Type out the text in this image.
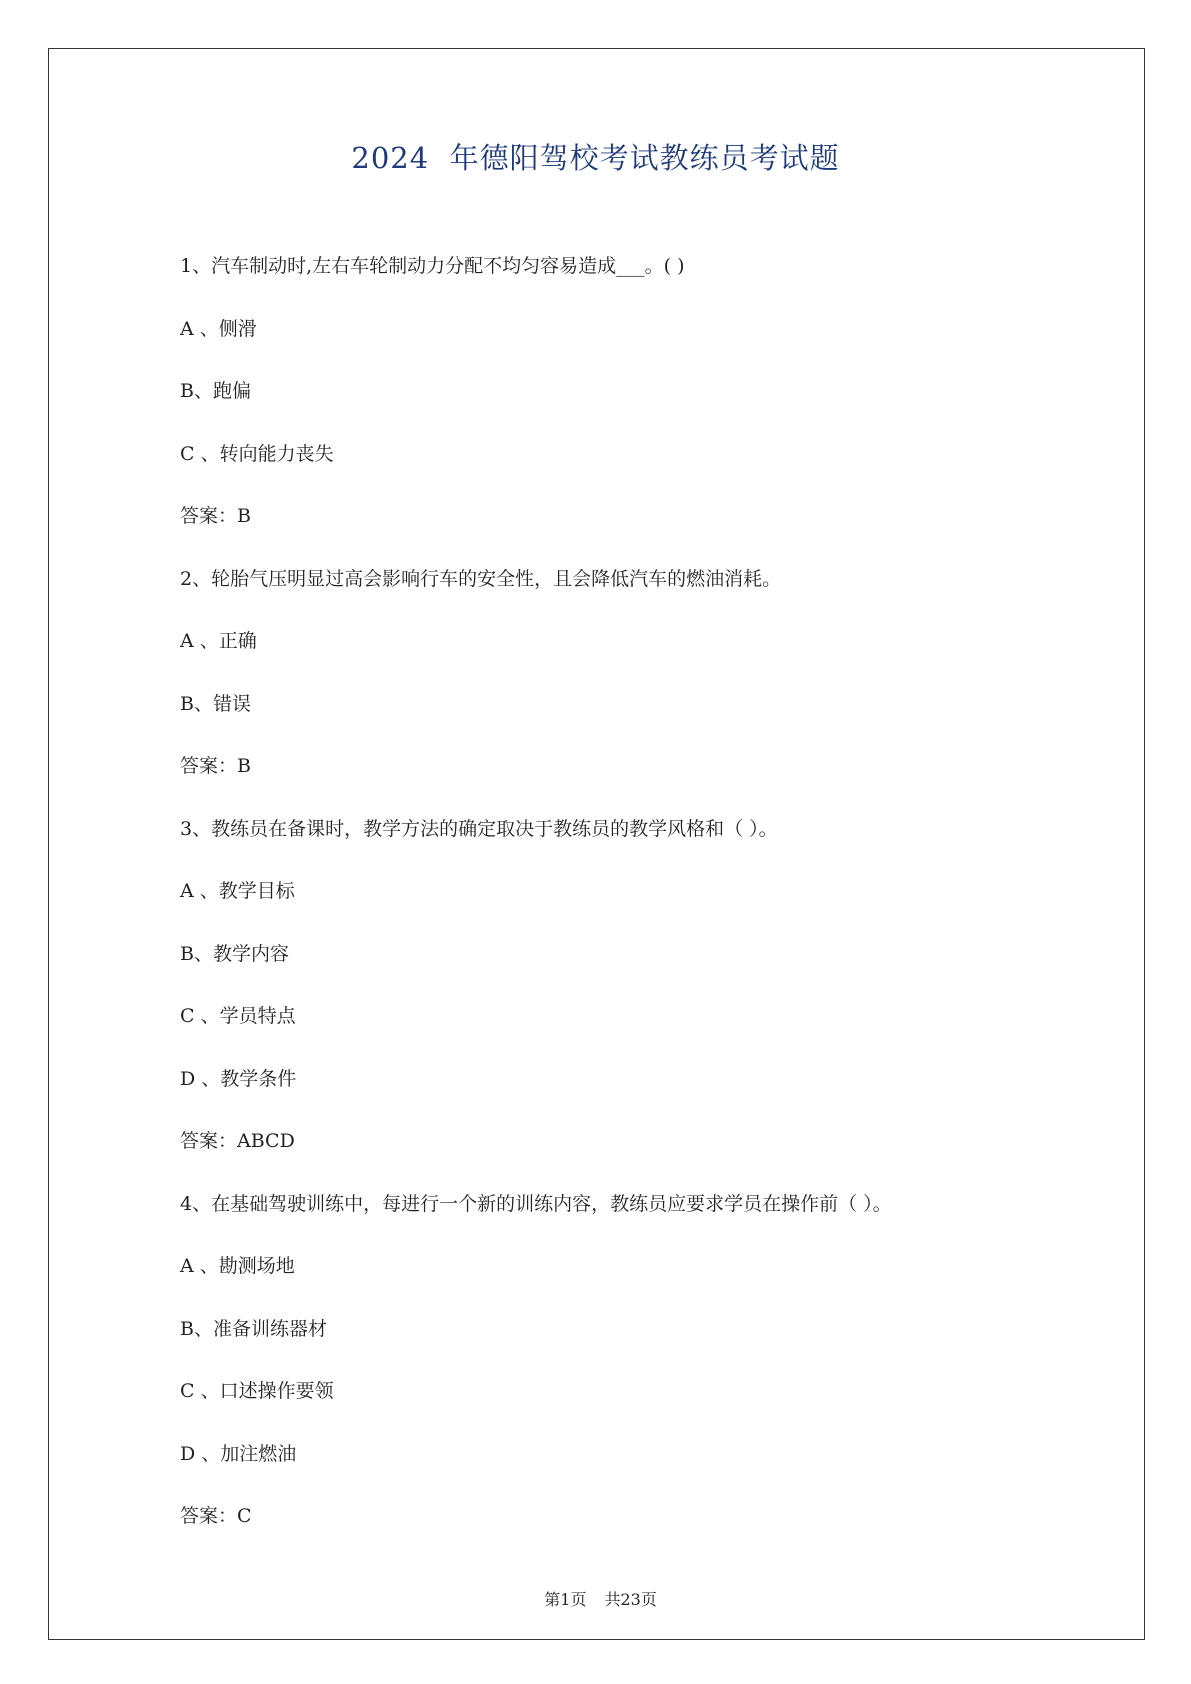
2024  年德阳驾校考试教练员考试题
1、汽车制动时,左右车轮制动力分配不均匀容易造成___。( )
A 、侧滑
B、跑偏
C 、转向能力丧失
答案：B
2、轮胎气压明显过高会影响行车的安全性，且会降低汽车的燃油消耗。
A 、正确
B、错误
答案：B
3、教练员在备课时，教学方法的确定取决于教练员的教学风格和（ ）。
A 、教学目标
B、教学内容
C 、学员特点
D 、教学条件
答案：ABCD
4、在基础驾驶训练中，每进行一个新的训练内容，教练员应要求学员在操作前（ ）。
A 、勘测场地
B、准备训练器材
C 、口述操作要领
D 、加注燃油
答案：C

第1页 共23页
